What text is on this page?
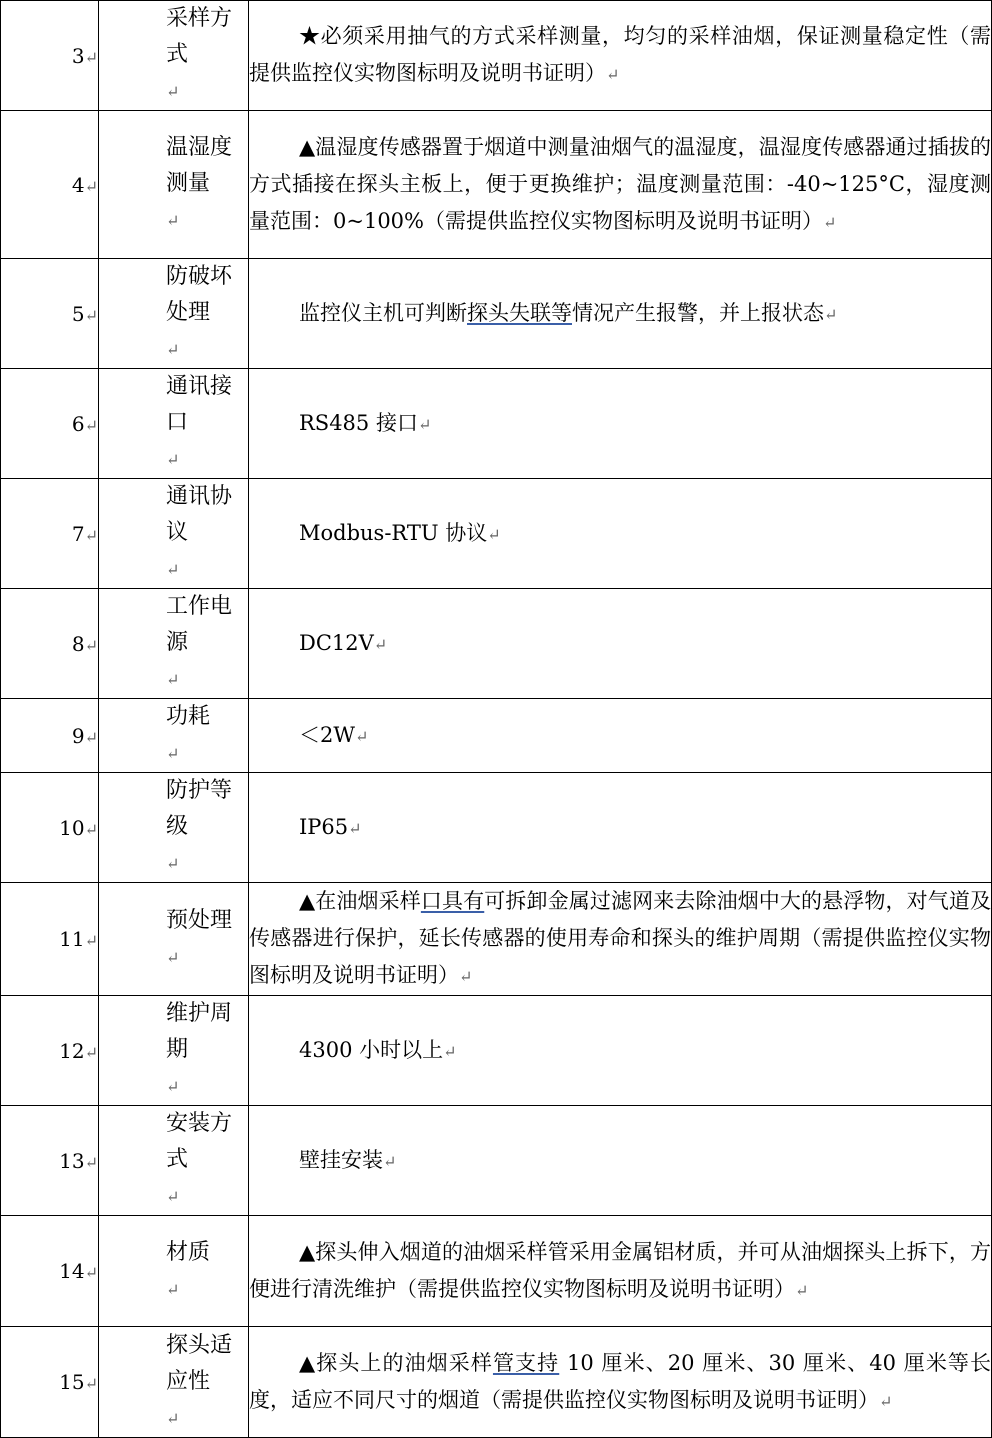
3↵	采样方式↵	★必须采用抽气的方式采样测量，均匀的采样油烟，保证测量稳定性（需提供监控仪实物图标明及说明书证明）↵

4↵	温湿度测量↵	▲温湿度传感器置于烟道中测量油烟气的温湿度，温湿度传感器通过插拔的方式插接在探头主板上，便于更换维护；温度测量范围：-40~125°C，湿度测量范围：0~100%（需提供监控仪实物图标明及说明书证明）↵

5↵	防破坏处理↵	监控仪主机可判断探头失联等情况产生报警，并上报状态↵

6↵	通讯接口↵	RS485 接口↵

7↵	通讯协议↵	Modbus-RTU 协议↵

8↵	工作电源↵	DC12V↵

9↵	功耗↵	＜2W↵

10↵	防护等级↵	IP65↵

11↵	预处理↵	▲在油烟采样口具有可拆卸金属过滤网来去除油烟中大的悬浮物，对气道及传感器进行保护，延长传感器的使用寿命和探头的维护周期（需提供监控仪实物图标明及说明书证明）↵

12↵	维护周期↵	4300 小时以上↵

13↵	安装方式↵	壁挂安装↵

14↵	材质↵	▲探头伸入烟道的油烟采样管采用金属铝材质，并可从油烟探头上拆下，方便进行清洗维护（需提供监控仪实物图标明及说明书证明）↵

15↵	探头适应性↵	▲探头上的油烟采样管支持 10 厘米、20 厘米、30 厘米、40 厘米等长度，适应不同尺寸的烟道（需提供监控仪实物图标明及说明书证明）↵
